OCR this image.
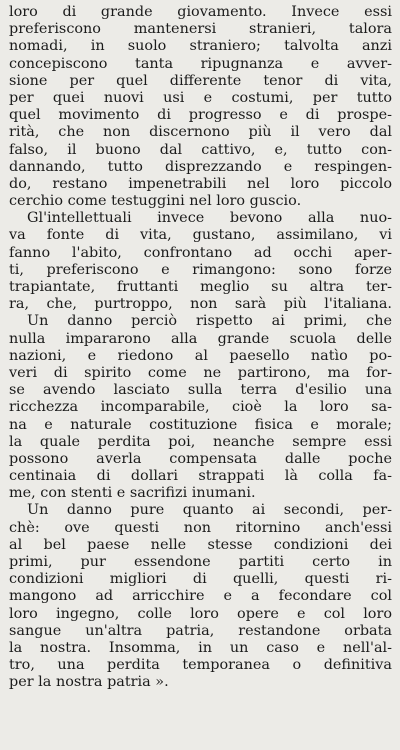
loro di grande giovamento. Invece essi
preferiscono mantenersi stranieri, talora
nomadi, in suolo straniero; talvolta anzi
concepiscono tanta ripugnanza e avver-
sione per quel differente tenor di vita,
per quei nuovi usi e costumi, per tutto
quel movimento di progresso e di prospe-
rità, che non discernono più il vero dal
falso, il buono dal cattivo, e, tutto con-
dannando, tutto disprezzando e respingen-
do, restano impenetrabili nel loro piccolo
cerchio come testuggini nel loro guscio.
Gl'intellettuali invece bevono alla nuo-
va fonte di vita, gustano, assimilano, vi
fanno l'abito, confrontano ad occhi aper-
ti, preferiscono e rimangono: sono forze
trapiantate, fruttanti meglio su altra ter-
ra, che, purtroppo, non sarà più l'italiana.
Un danno perciò rispetto ai primi, che
nulla impararono alla grande scuola delle
nazioni, e riedono al paesello natìo po-
veri di spirito come ne partirono, ma for-
se avendo lasciato sulla terra d'esilio una
ricchezza incomparabile, cioè la loro sa-
na e naturale costituzione fisica e morale;
la quale perdita poi, neanche sempre essi
possono averla compensata dalle poche
centinaia di dollari strappati là colla fa-
me, con stenti e sacrifizi inumani.
Un danno pure quanto ai secondi, per-
chè: ove questi non ritornino anch'essi
al bel paese nelle stesse condizioni dei
primi, pur essendone partiti certo in
condizioni migliori di quelli, questi ri-
mangono ad arricchire e a fecondare col
loro ingegno, colle loro opere e col loro
sangue un'altra patria, restandone orbata
la nostra. Insomma, in un caso e nell'al-
tro, una perdita temporanea o definitiva
per la nostra patria ».
